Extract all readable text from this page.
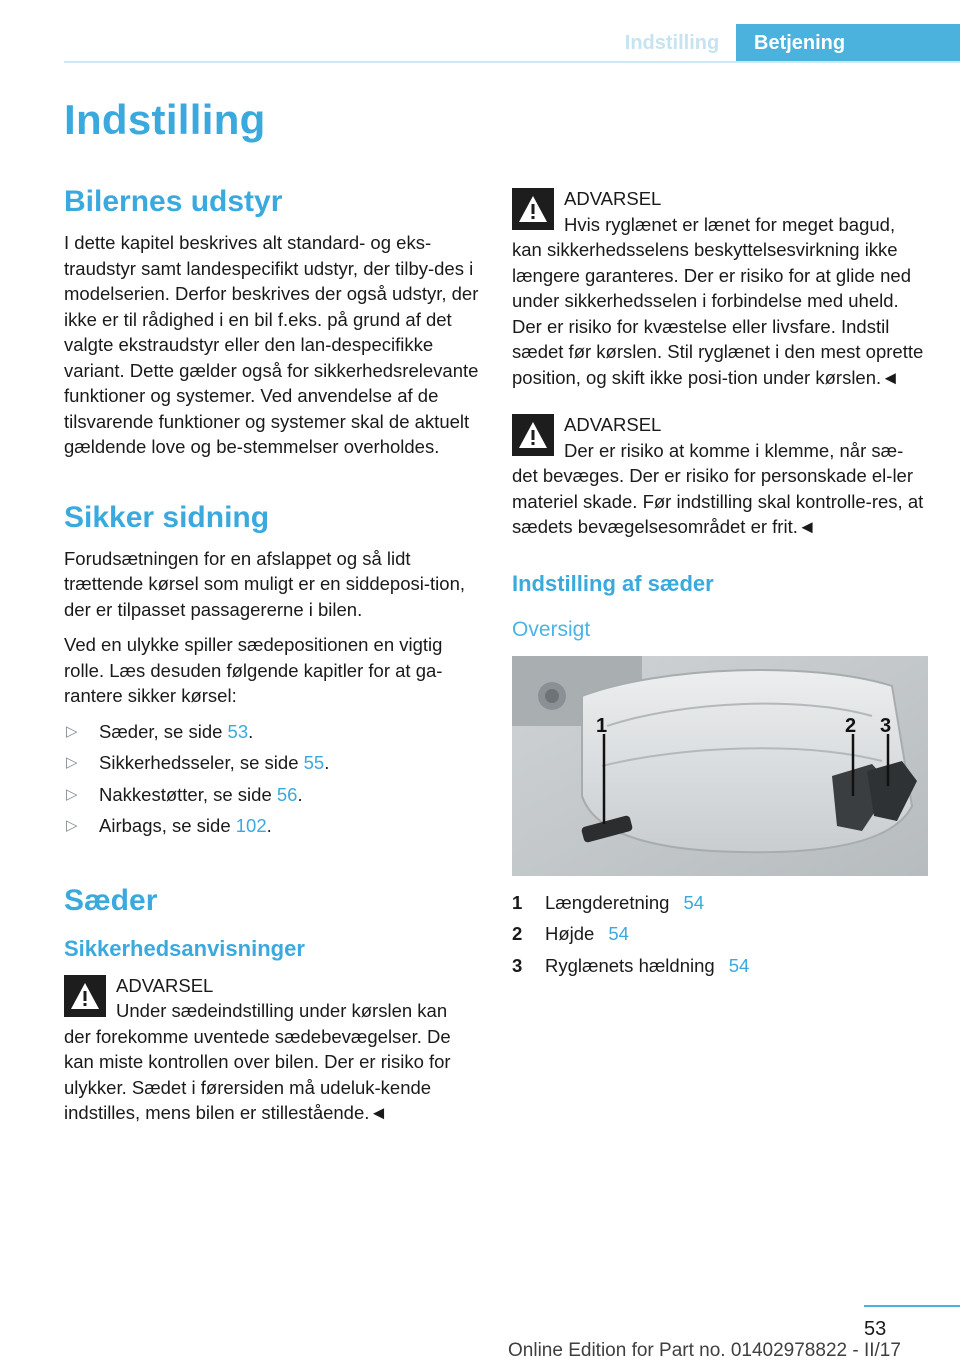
Indstilling	Betjening
Indstilling
Bilernes udstyr

I dette kapitel beskrives alt standard- og eks-traudstyr samt landespecifikt udstyr, der tilby-des i modelserien. Derfor beskrives der også udstyr, der ikke er til rådighed i en bil f.eks. på grund af det valgte ekstraudstyr eller den lan-despecifikke variant. Dette gælder også for sikkerhedsrelevante funktioner og systemer. Ved anvendelse af de tilsvarende funktioner og systemer skal de aktuelt gældende love og be-stemmelser overholdes.

Sikker sidning

Forudsætningen for en afslappet og så lidt trættende kørsel som muligt er en siddeposi-tion, der er tilpasset passagererne i bilen.

Ved en ulykke spiller sædepositionen en vigtig rolle. Læs desuden følgende kapitler for at ga-rantere sikker kørsel:

▷ Sæder, se side 53.
▷ Sikkerhedsseler, se side 55.
▷ Nakkestøtter, se side 56.
▷ Airbags, se side 102.
Sæder
Sikkerhedsanvisninger
ADVARSEL
Under sædeindstilling under kørslen kan
der forekomme uventede sædebevægelser. De kan miste kontrollen over bilen. Der er risiko for ulykker. Sædet i førersiden må udeluk-kende indstilles, mens bilen er stillestående.◄
ADVARSEL
Hvis ryglænet er lænet for meget bagud,
kan sikkerhedsselens beskyttelsesvirkning ikke længere garanteres. Der er risiko for at glide ned under sikkerhedsselen i forbindelse med uheld. Der er risiko for kvæstelse eller livsfare. Indstil sædet før kørslen. Stil ryglænet i den mest oprette position, og skift ikke posi-tion under kørslen.◄
ADVARSEL
Der er risiko at komme i klemme, når sæ-
det bevæges. Der er risiko for personskade el-ler materiel skade. Før indstilling skal kontrolle-res, at sædets bevægelsesområdet er frit.◄
Indstilling af sæder
Oversigt
1	2 3
1	Længderetning 54
2	Højde 54
3	Ryglænets hældning 54
53
Online Edition for Part no. 01402978822 - II/17
